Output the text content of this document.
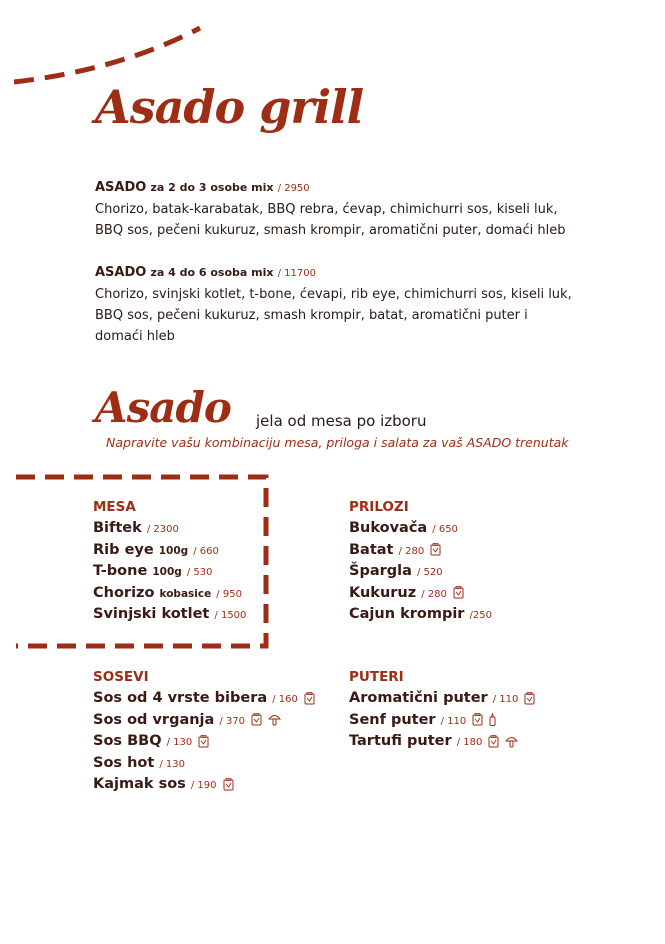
Asado grill
ASADO za 2 do 3 osobe mix / 2950
Chorizo, batak-karabatak, BBQ rebra, ćevap, chimichurri sos, kiseli luk,
BBQ sos, pečeni kukuruz, smash krompir, aromatični puter, domaći hleb
ASADO za 4 do 6 osoba mix / 11700
Chorizo, svinjski kotlet, t-bone, ćevapi, rib eye, chimichurri sos, kiseli luk,
BBQ sos, pečeni kukuruz, smash krompir, batat, aromatični puter i
domaći hleb
Asado jela od mesa po izboru
Napravite vašu kombinaciju mesa, priloga i salata za vaš ASADO trenutak
MESA
Biftek / 2300
Rib eye 100g / 660
T-bone 100g / 530
Chorizo kobasice / 950
Svinjski kotlet / 1500
PRILOZI
Bukovača / 650
Batat / 280
Špargla / 520
Kukuruz / 280
Cajun krompir /250
SOSEVI
Sos od 4 vrste bibera / 160
Sos od vrganja / 370
Sos BBQ / 130
Sos hot / 130
Kajmak sos / 190
PUTERI
Aromatični puter / 110
Senf puter / 110
Tartufi puter / 180
